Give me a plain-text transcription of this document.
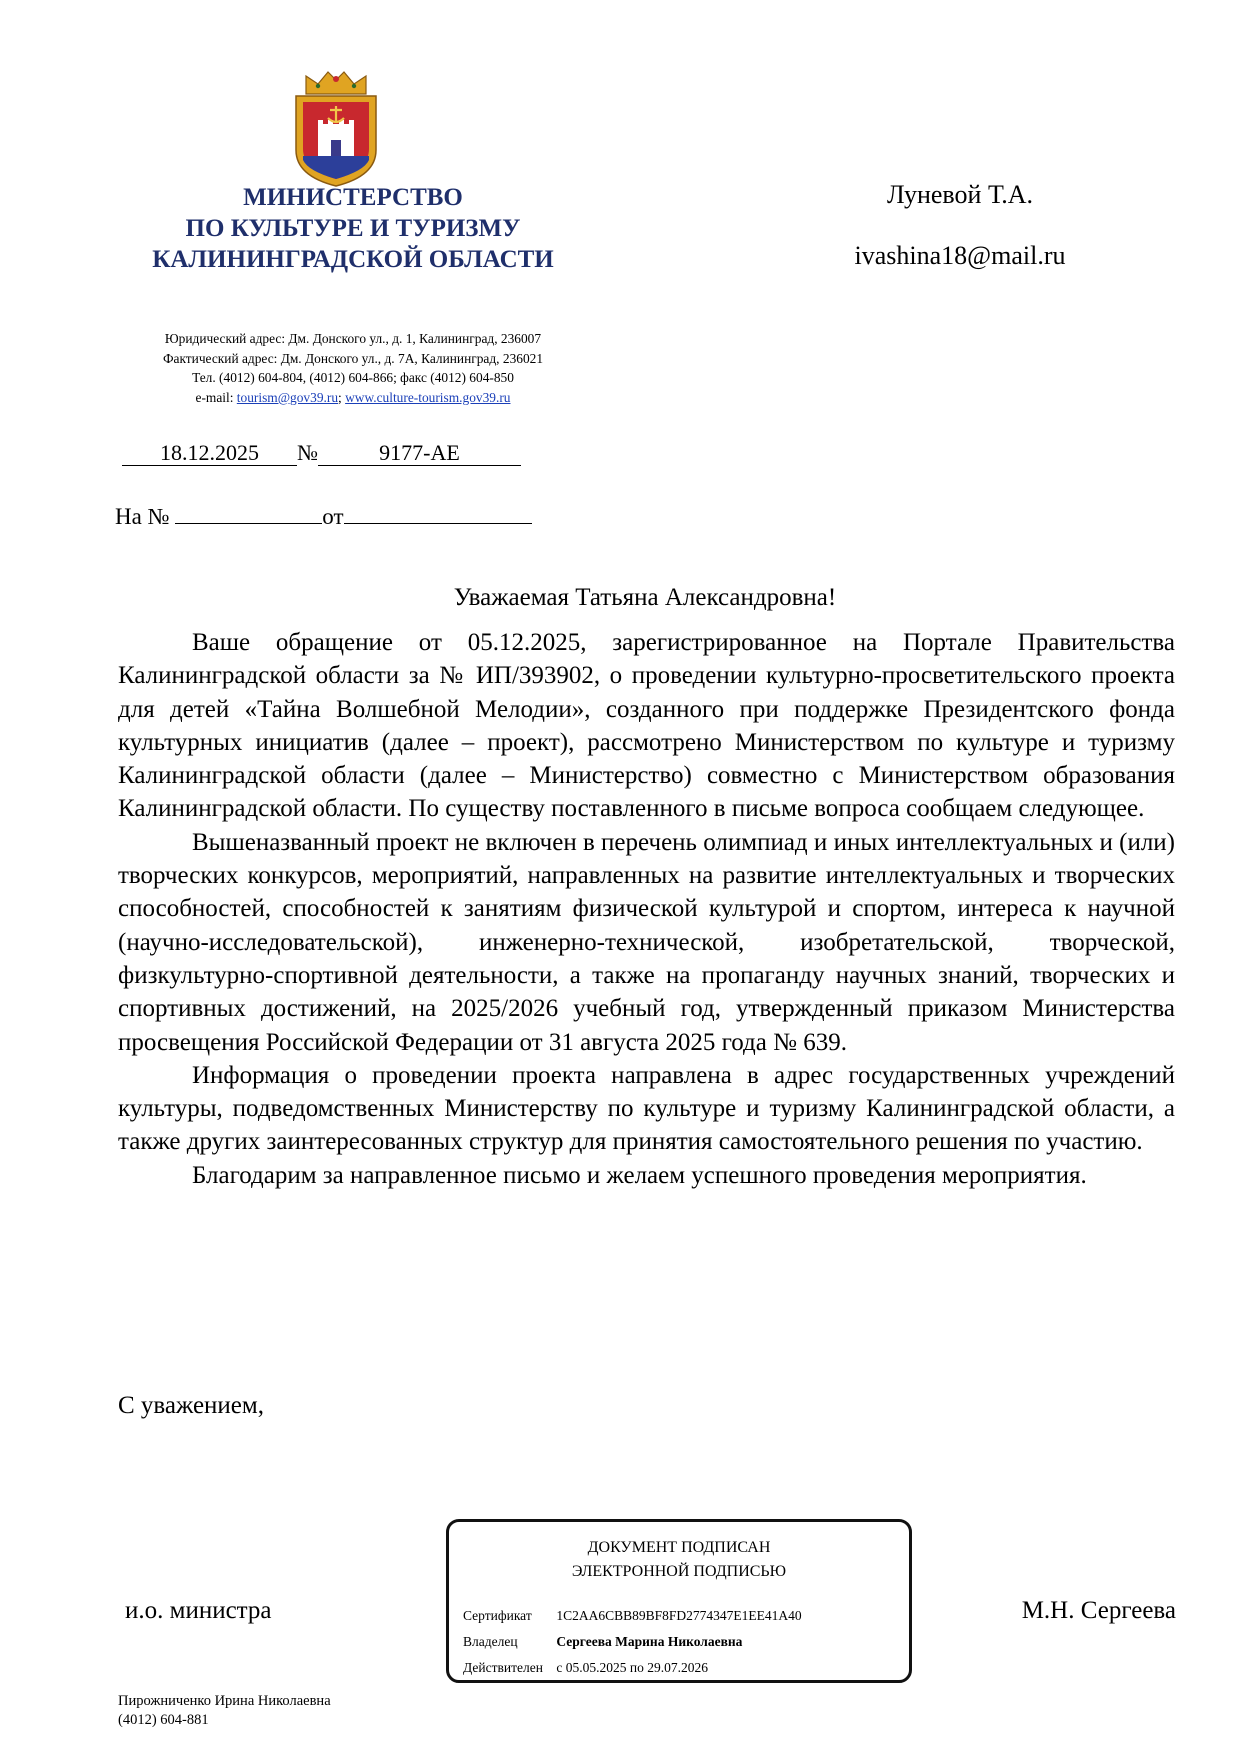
МИНИСТЕРСТВО
ПО КУЛЬТУРЕ И ТУРИЗМУ
КАЛИНИНГРАДСКОЙ ОБЛАСТИ
Юридический адрес: Дм. Донского ул., д. 1, Калининград, 236007
Фактический адрес: Дм. Донского ул., д. 7А, Калининград, 236021
Тел. (4012) 604-804, (4012) 604-866; факс (4012) 604-850
e-mail: tourism@gov39.ru; www.culture-tourism.gov39.ru
Луневой Т.А.
ivashina18@mail.ru
18.12.2025 №	9177-АЕ
На №	от
Уважаемая Татьяна Александровна!

Ваше обращение от 05.12.2025, зарегистрированное на Портале Правительства Калининградской области за № ИП/393902, о проведении культурно-просветительского проекта для детей «Тайна Волшебной Мелодии», созданного при поддержке Президентского фонда культурных инициатив (далее – проект), рассмотрено Министерством по культуре и туризму Калининградской области (далее – Министерство) совместно с Министерством образования Калининградской области. По существу поставленного в письме вопроса сообщаем следующее.

Вышеназванный проект не включен в перечень олимпиад и иных интеллектуальных и (или) творческих конкурсов, мероприятий, направленных на развитие интеллектуальных и творческих способностей, способностей к занятиям физической культурой и спортом, интереса к научной (научно-исследовательской), инженерно-технической, изобретательской, творческой, физкультурно-спортивной деятельности, а также на пропаганду научных знаний, творческих и спортивных достижений, на 2025/2026 учебный год, утвержденный приказом Министерства просвещения Российской Федерации от 31 августа 2025 года № 639.

Информация о проведении проекта направлена в адрес государственных учреждений культуры, подведомственных Министерству по культуре и туризму Калининградской области, а также других заинтересованных структур для принятия самостоятельного решения по участию.

Благодарим за направленное письмо и желаем успешного проведения мероприятия.

С уважением,
и.о. министра	М.Н. Сергеева
ДОКУМЕНТ ПОДПИСАН
ЭЛЕКТРОННОЙ ПОДПИСЬЮ
Сертификат 1C2AA6CBB89BF8FD2774347E1EE41A40
Владелец	Сергеева Марина Николаевна
Действителен с 05.05.2025 по 29.07.2026
Пирожниченко Ирина Николаевна
(4012) 604-881
